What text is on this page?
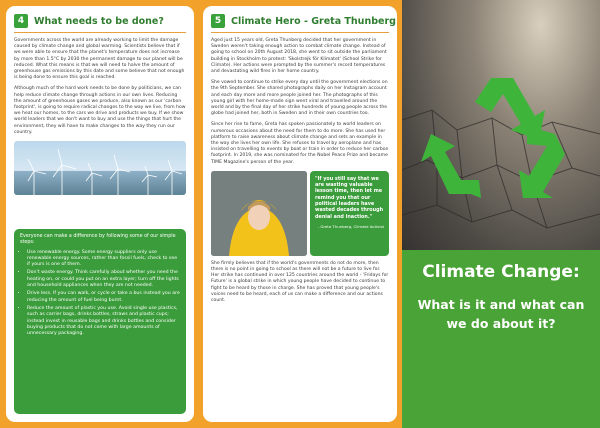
4	What needs to be done?

Governments across the world are already working to limit the damage caused by climate change and global warming. Scientists believe that if we were able to ensure that the planet's temperature does not increase by more than 1.5°C by 2030 the permanent damage to our planet will be reduced. What this means is that we will need to halve the amount of greenhouse gas emissions by this date and some believe that not enough is being done to ensure this goal is reached.

Although much of the hard work needs to be done by politicians, we can help reduce climate change through actions in our own lives. Reducing the amount of greenhouse gases we produce, also known as our 'carbon footprint', is going to require radical changes to the way we live, from how we heat our homes, to the cars we drive and products we buy. If we show world leaders that we don't want to buy and use the things that hurt the environment, they will have to make changes to the way they run our country.

Everyone can make a difference by following some of our simple steps:

• Use renewable energy. Some energy suppliers only use renewable energy sources, rather than fossil fuels, check to see if yours is one of them.
• Don't waste energy. Think carefully about whether you need the heating on, or could you put on an extra layer; turn off the lights and household appliances when they are not needed.
• Drive less. If you can walk, or cycle or take a bus instead you are reducing the amount of fuel being burnt.
• Reduce the amount of plastic you use. Avoid single use plastics, such as carrier bags, drinks bottles, straws and plastic cups; instead invest in reusable bags and drinks bottles and consider buying products that do not come with large amounts of unnecessary packaging.
5	Climate Hero - Greta Thunberg

Aged just 15 years old, Greta Thunberg decided that her government in Sweden weren't taking enough action to combat climate change. Instead of going to school on 20th August 2018, she went to sit outside the parliament building in Stockholm to protest: 'Skolstrejk för Klimatet' (School Strike for Climate). Her actions were prompted by the summer's record temperatures and devastating wild fires in her home country.

She vowed to continue to strike every day until the government elections on the 9th September. She shared photographs daily on her Instagram account and each day more and more people joined her. The photographs of this young girl with her home-made sign went viral and travelled around the world and by the final day of her strike hundreds of young people across the globe had joined her, both in Sweden and in their own countries too.

Since her rise to fame, Greta has spoken passionately to world leaders on numerous occasions about the need for them to do more. She has used her platform to raise awareness about climate change and sets an example in the way she lives her own life. She refuses to travel by aeroplane and has insisted on travelling to events by boat or train in order to reduce her carbon footprint. In 2019, she was nominated for the Nobel Peace Prize and became TIME Magazine's person of the year.

"If you still say that we are wasting valuable lesson time, then let me remind you that our political leaders have wasted decades through denial and inaction."

- Greta Thunberg, Climate Activist

She firmly believes that if the world's governments do not do more, then there is no point in going to school as there will not be a future to live for. Her strike has continued in over 125 countries around the world - 'Fridays for Future' is a global strike in which young people have decided to continue to fight to be heard by those in charge. She has proved that young people's voices need to be heard, each of us can make a difference and our actions count.

Climate Change:
What is it and what can we do about it?
